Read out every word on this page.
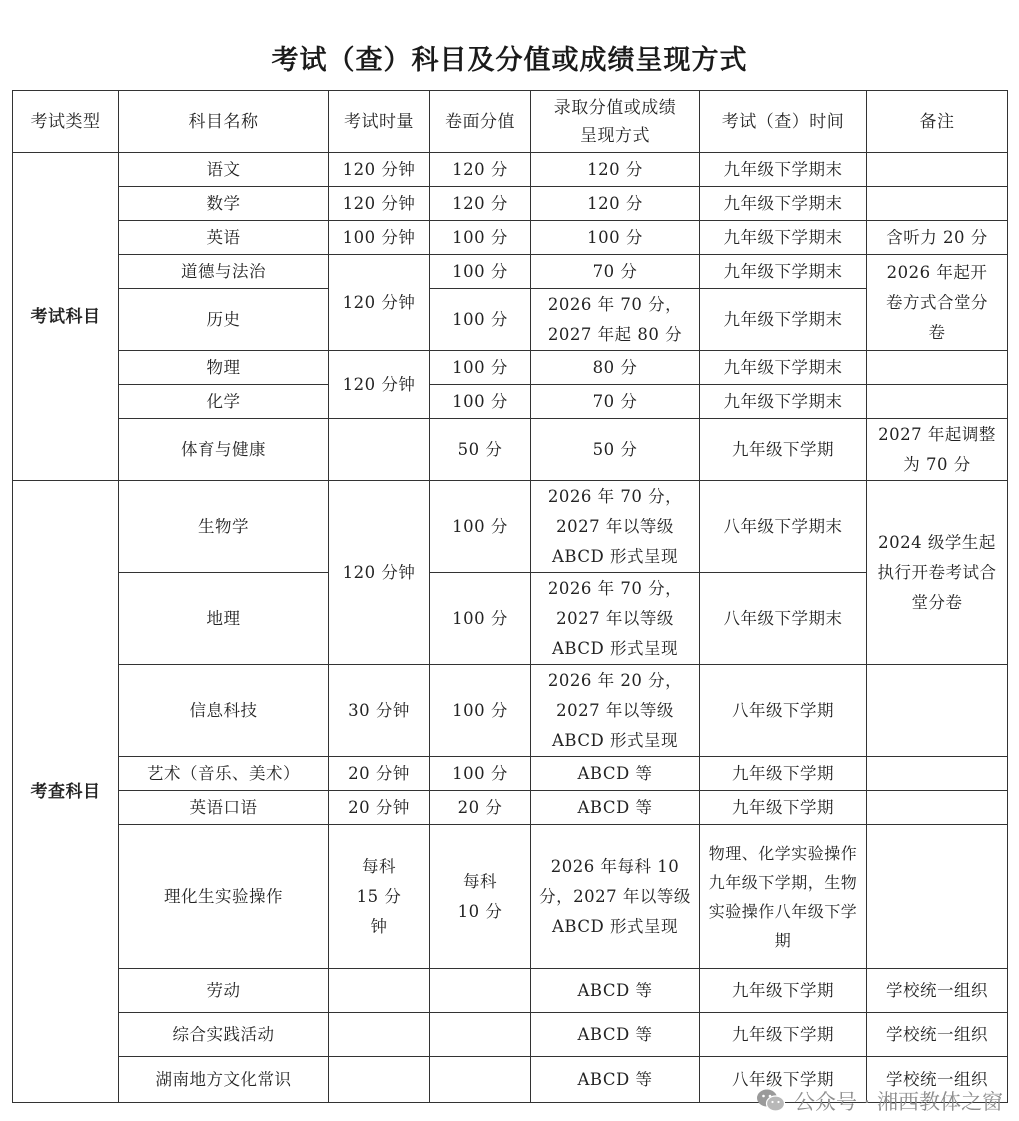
考试（查）科目及分值或成绩呈现方式
考试类型	科目名称	考试时量	卷面分值	录取分值或成绩呈现方式	考试（查）时间	备注
考试科目	语文	120 分钟	120 分	120 分	九年级下学期末	
	数学	120 分钟	120 分	120 分	九年级下学期末	
	英语	100 分钟	100 分	100 分	九年级下学期末	含听力 20 分
	道德与法治	120 分钟	100 分	70 分	九年级下学期末	2026 年起开卷方式合堂分卷
	历史		100 分	2026 年 70 分，2027 年起 80 分	九年级下学期末	
	物理	120 分钟	100 分	80 分	九年级下学期末	
	化学		100 分	70 分	九年级下学期末	
	体育与健康		50 分	50 分	九年级下学期	2027 年起调整为 70 分
考查科目	生物学	120 分钟	100 分	2026 年 70 分，2027 年以等级 ABCD 形式呈现	八年级下学期末	2024 级学生起执行开卷考试合堂分卷
	地理		100 分	2026 年 70 分，2027 年以等级 ABCD 形式呈现	八年级下学期末	
	信息科技	30 分钟	100 分	2026 年 20 分，2027 年以等级 ABCD 形式呈现	八年级下学期	
	艺术（音乐、美术）	20 分钟	100 分	ABCD 等	九年级下学期	
	英语口语	20 分钟	20 分	ABCD 等	九年级下学期	
	理化生实验操作	每科 15 分钟	每科 10 分	2026 年每科 10 分，2027 年以等级 ABCD 形式呈现	物理、化学实验操作九年级下学期，生物实验操作八年级下学期	
	劳动			ABCD 等	九年级下学期	学校统一组织
	综合实践活动			ABCD 等	九年级下学期	学校统一组织
	湖南地方文化常识			ABCD 等	八年级下学期	学校统一组织
公众号 · 湘西教体之窗
